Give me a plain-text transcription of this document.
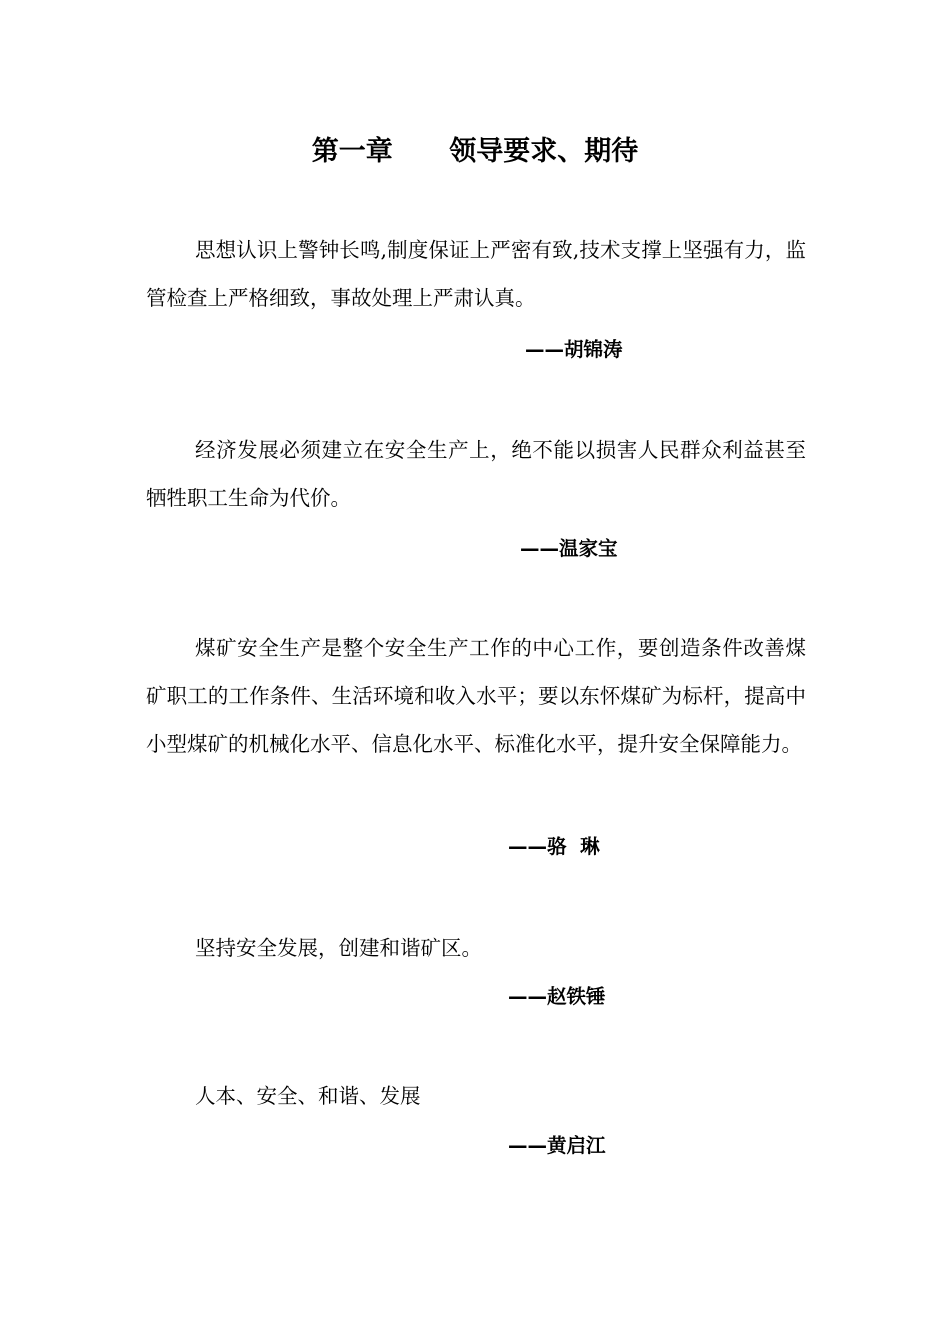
第一章      领导要求、期待

思想认识上警钟长鸣,制度保证上严密有致,技术支撑上坚强有力，监管检查上严格细致，事故处理上严肃认真。

——胡锦涛

经济发展必须建立在安全生产上，绝不能以损害人民群众利益甚至牺牲职工生命为代价。

——温家宝

煤矿安全生产是整个安全生产工作的中心工作，要创造条件改善煤矿职工的工作条件、生活环境和收入水平；要以东怀煤矿为标杆，提高中小型煤矿的机械化水平、信息化水平、标准化水平，提升安全保障能力。

——骆  琳

坚持安全发展，创建和谐矿区。

——赵铁锤

人本、安全、和谐、发展

——黄启江
